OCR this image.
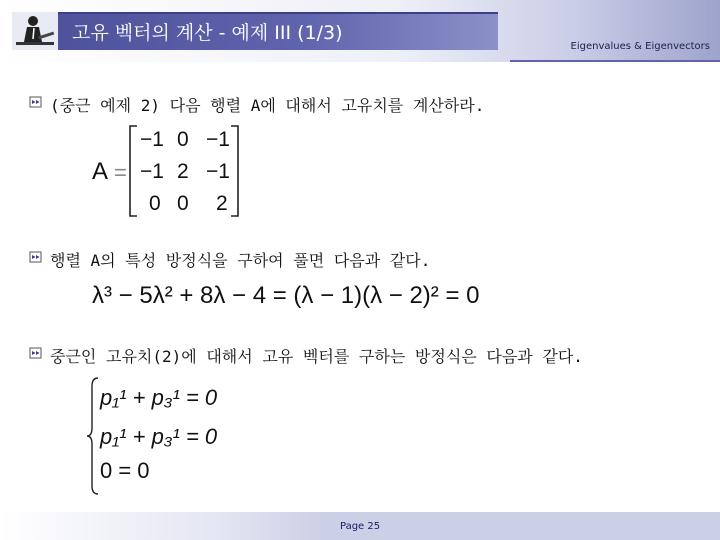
고유 벡터의 계산 - 예제 III (1/3)
Eigenvalues & Eigenvectors
(중근 예제 2) 다음 행렬 A에 대해서 고유치를 계산하라.
A =
−1 0 −1
−1 2 −1
0 0 2
행렬 A의 특성 방정식을 구하여 풀면 다음과 같다.
λ³ − 5λ² + 8λ − 4 = (λ − 1)(λ − 2)² = 0
중근인 고유치(2)에 대해서 고유 벡터를 구하는 방정식은 다음과 같다.
p₁¹ + p₃¹ = 0
p₁¹ + p₃¹ = 0
0 = 0
Page 25
